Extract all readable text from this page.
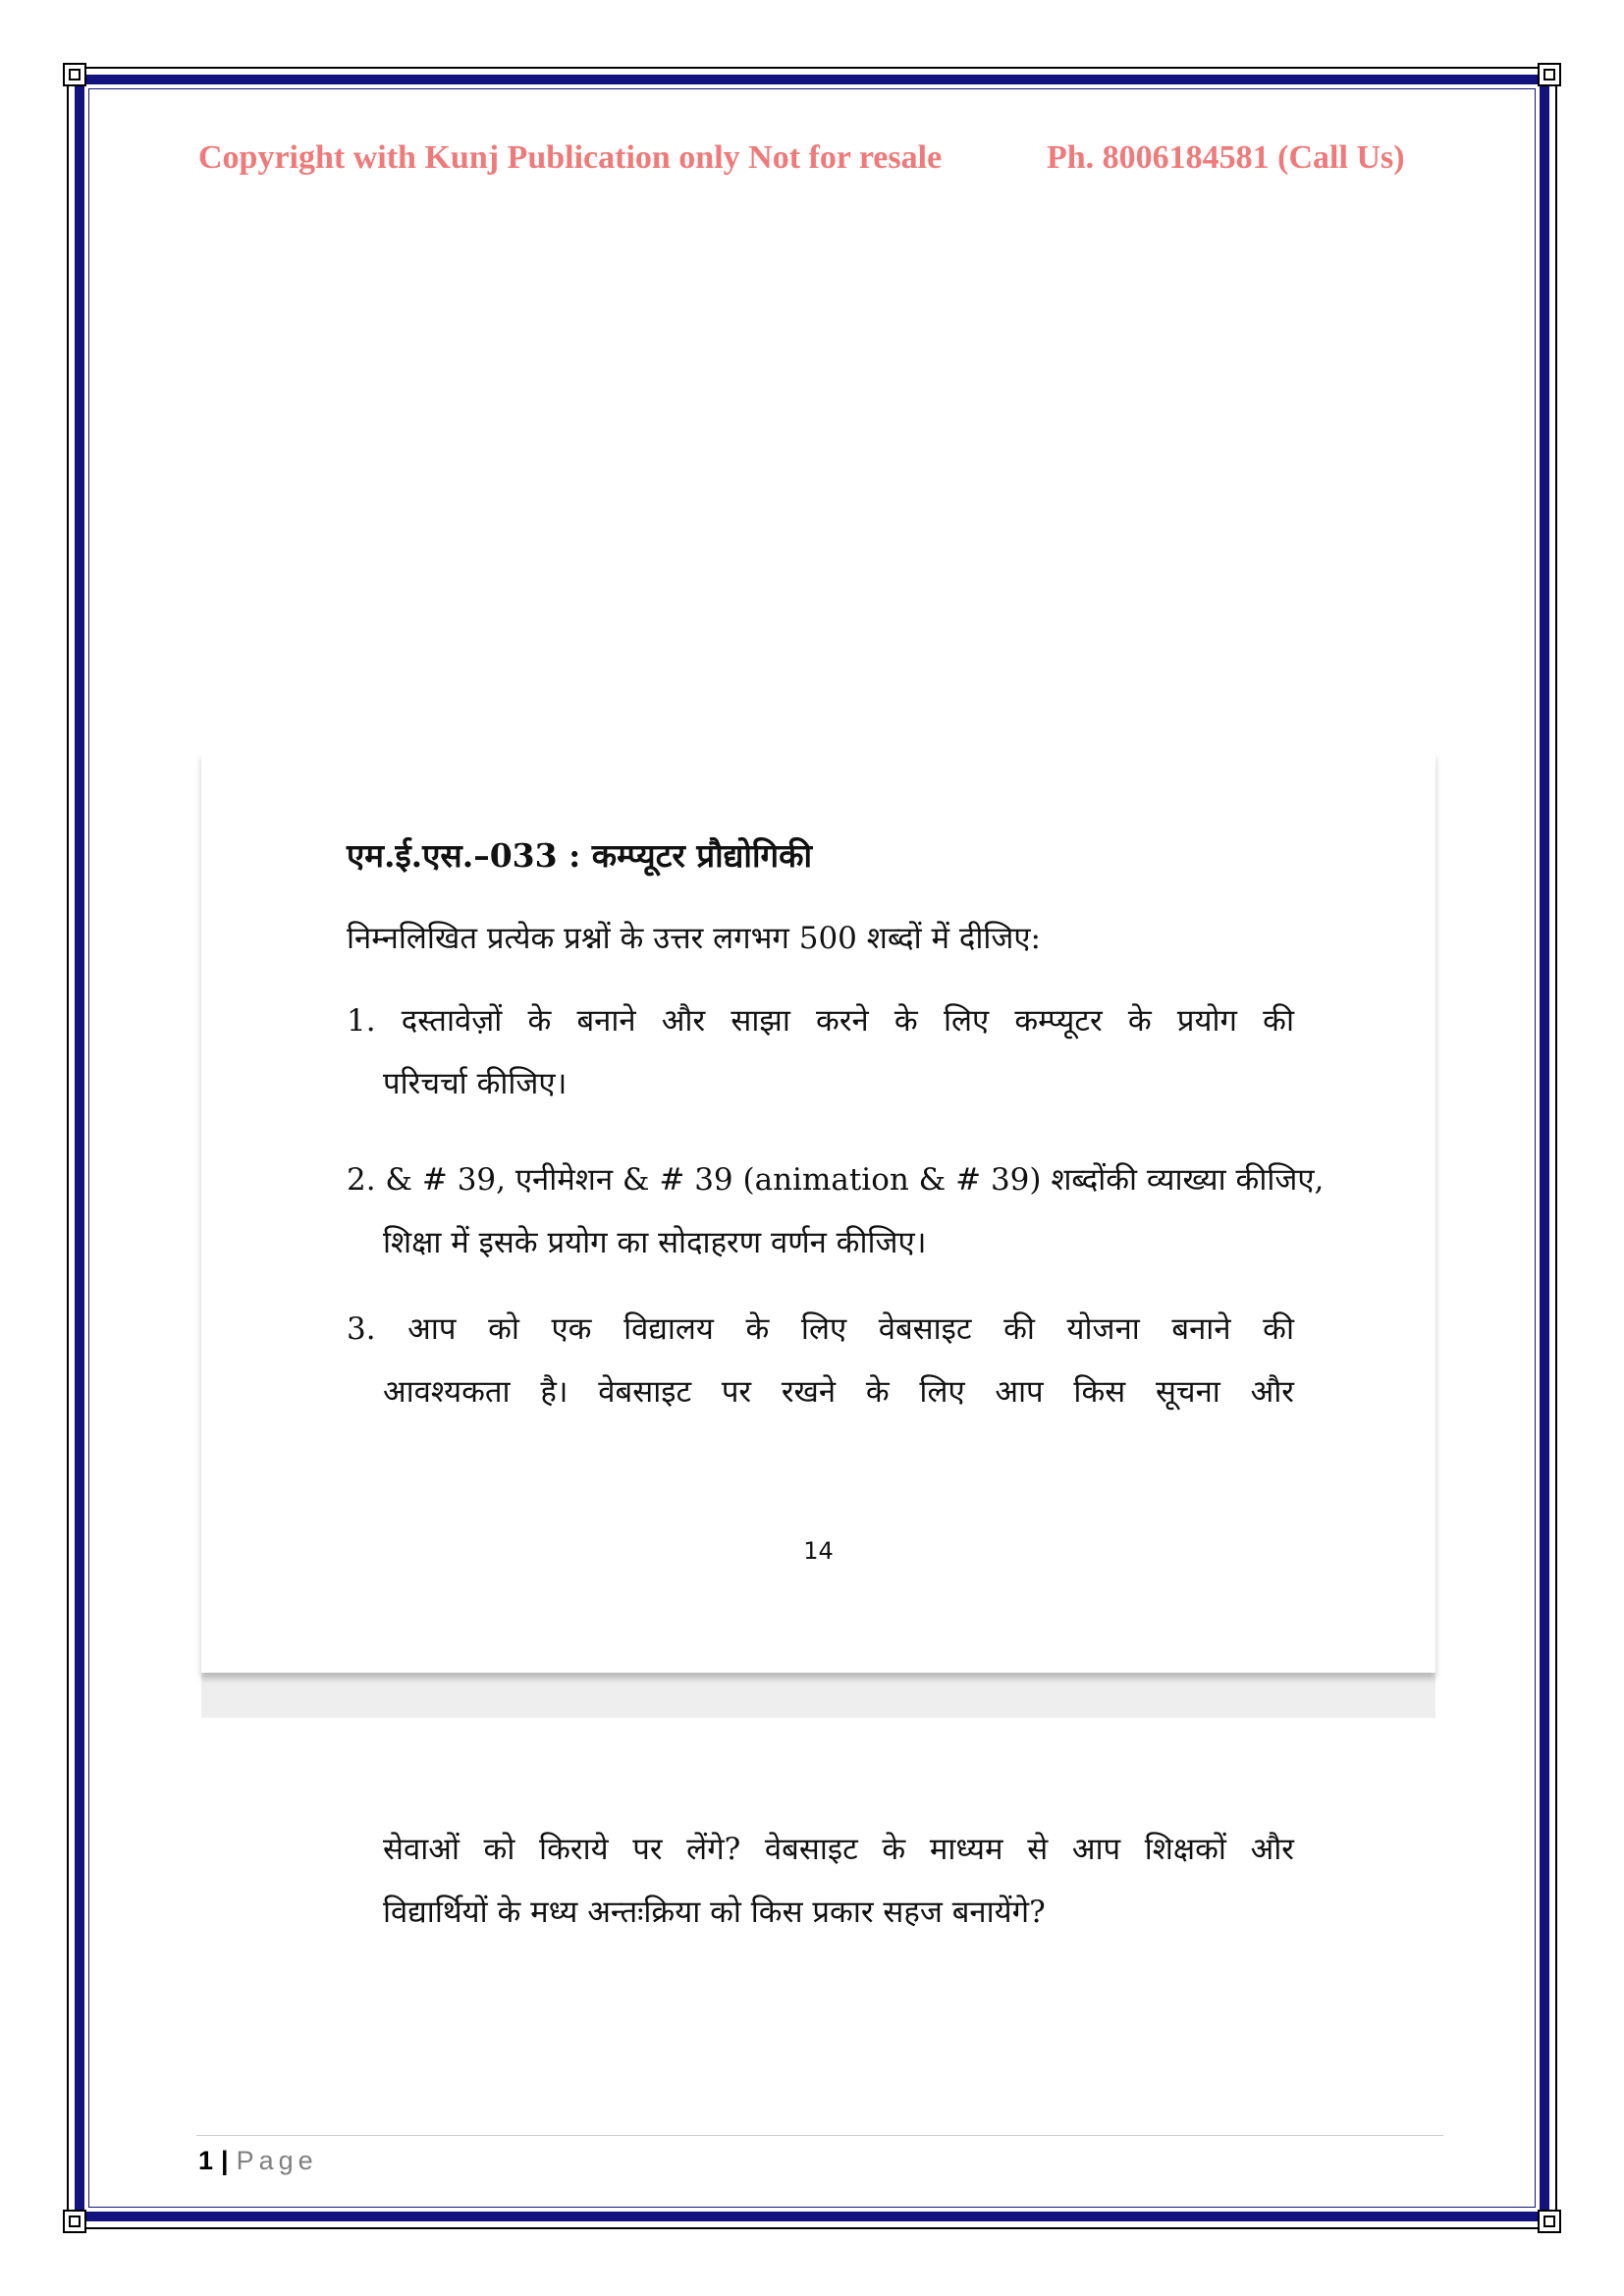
Copyright with Kunj Publication only Not for resale	Ph. 8006184581 (Call Us)
एम.ई.एस.–033 : कम्प्यूटर प्रौद्योगिकी
निम्नलिखित प्रत्येक प्रश्नों के उत्तर लगभग 500 शब्दों में दीजिए:
1. दस्तावेज़ों के बनाने और साझा करने के लिए कम्प्यूटर के प्रयोग की
परिचर्चा कीजिए।
2. & # 39, एनीमेशन & # 39 (animation & # 39) शब्दोंकी व्याख्या कीजिए,
शिक्षा में इसके प्रयोग का सोदाहरण वर्णन कीजिए।
3. आप को एक विद्यालय के लिए वेबसाइट की योजना बनाने की
आवश्यकता है। वेबसाइट पर रखने के लिए आप किस सूचना और
14
सेवाओं को किराये पर लेंगे? वेबसाइट के माध्यम से आप शिक्षकों और
विद्यार्थियों के मध्य अन्तःक्रिया को किस प्रकार सहज बनायेंगे?
1 | Page
